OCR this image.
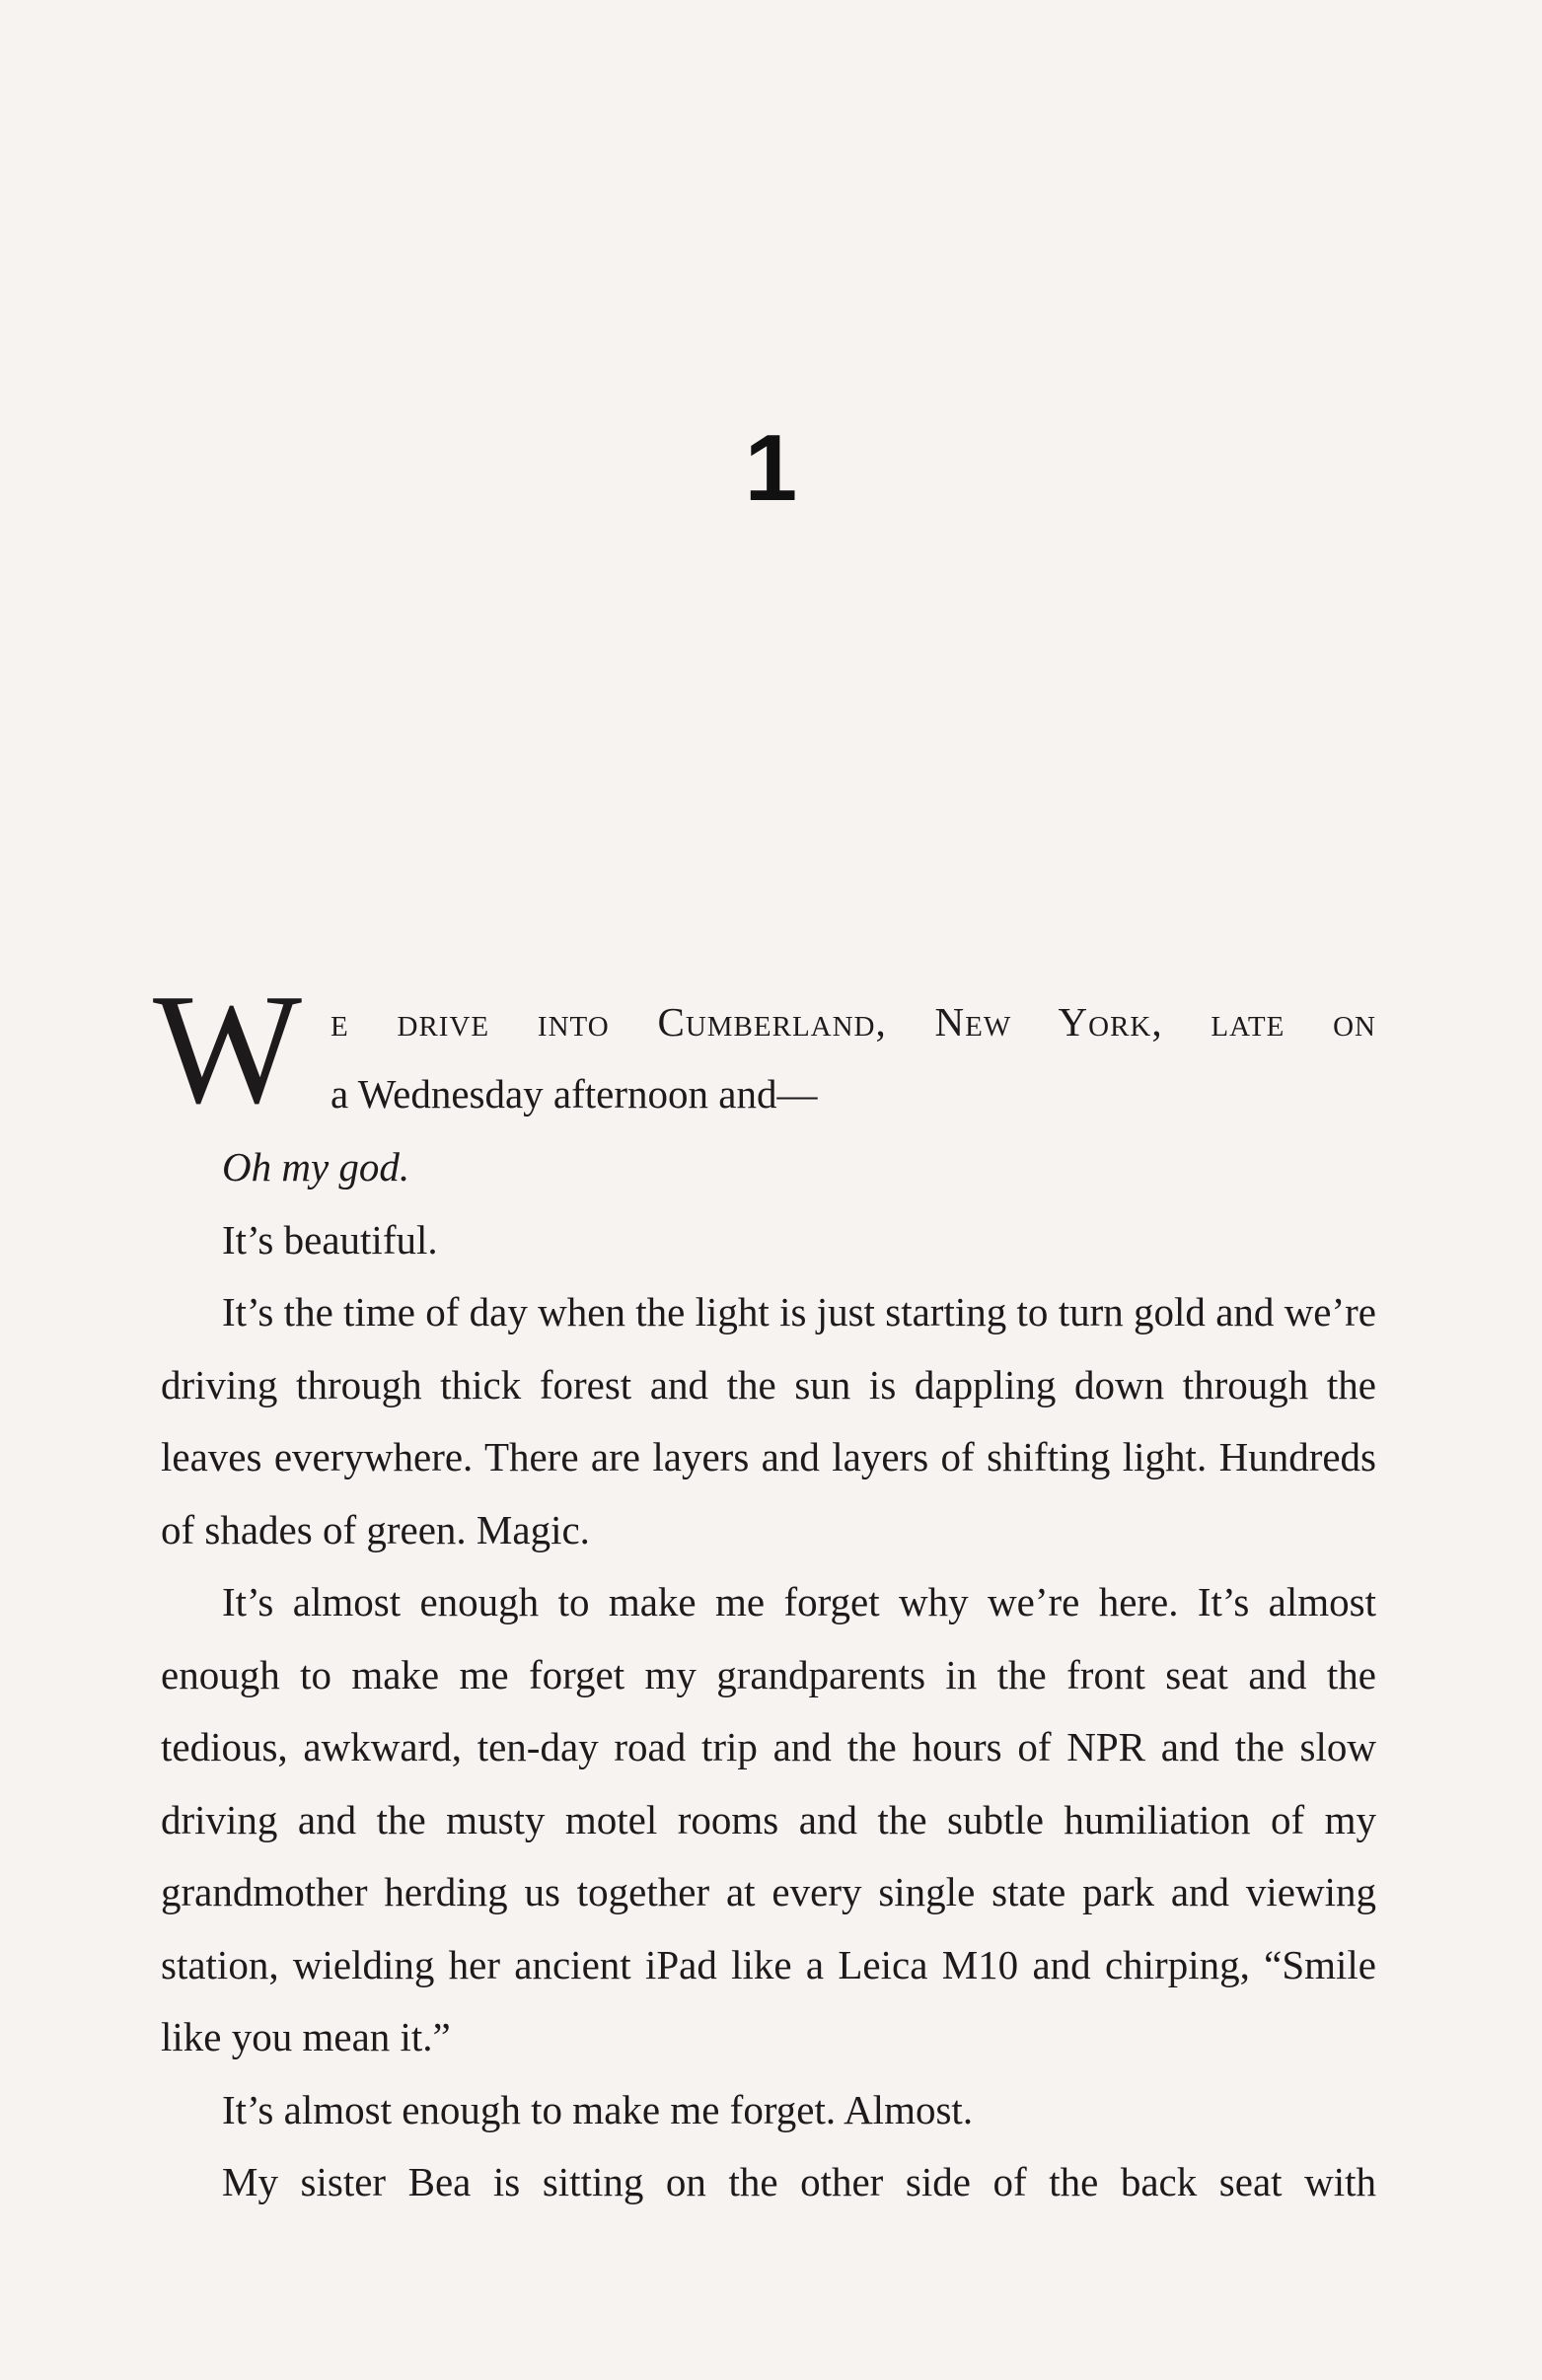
1
W e drive into Cumberland, New York, late on
a Wednesday afternoon and—

Oh my god.

It’s beautiful.

It’s the time of day when the light is just starting to turn gold and we’re driving through thick forest and the sun is dappling down through the leaves everywhere. There are layers and layers of shifting light. Hundreds of shades of green. Magic.

It’s almost enough to make me forget why we’re here. It’s almost enough to make me forget my grandparents in the front seat and the tedious, awkward, ten-day road trip and the hours of NPR and the slow driving and the musty motel rooms and the subtle humiliation of my grandmother herding us together at every single state park and viewing station, wielding her ancient iPad like a Leica M10 and chirping, “Smile like you mean it.”

It’s almost enough to make me forget. Almost.

My sister Bea is sitting on the other side of the back seat with
